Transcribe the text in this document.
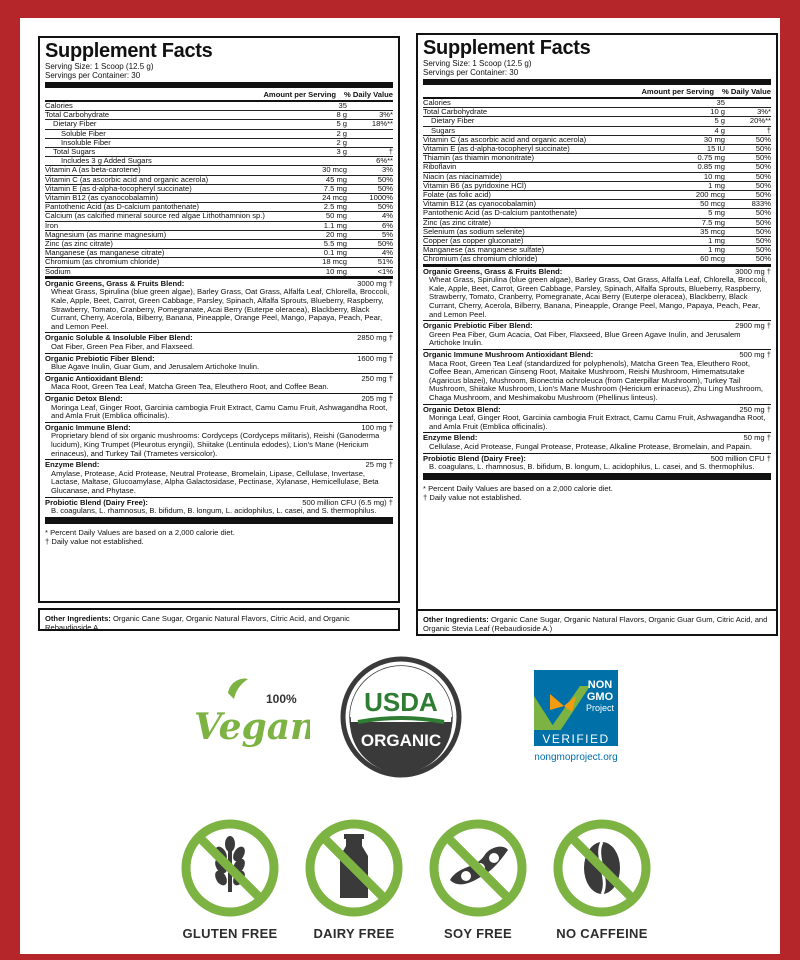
Supplement Facts
Serving Size: 1 Scoop (12.5 g)
Servings per Container: 30
Amount per Serving % Daily Value
Calories	35
Total Carbohydrate	8 g	3%*
Dietary Fiber	5 g	18%**
Soluble Fiber	2 g
Insoluble Fiber	2 g
Total Sugars	3 g	†
Includes 3 g Added Sugars	6%**
Vitamin A (as beta-carotene)	30 mcg	3%
Vitamin C (as ascorbic acid and organic acerola)	45 mg	50%
Vitamin E (as d-alpha-tocopheryl succinate)	7.5 mg	50%
Vitamin B12 (as cyanocobalamin)	24 mcg	1000%
Pantothenic Acid (as D-calcium pantothenate)	2.5 mg	50%
Calcium (as calcified mineral source red algae Lithothamnion sp.)	50 mg	4%
Iron	1.1 mg	6%
Magnesium (as marine magnesium)	20 mg	5%
Zinc (as zinc citrate)	5.5 mg	50%
Manganese (as manganese citrate)	0.1 mg	4%
Chromium (as chromium chloride)	18 mcg	51%
Sodium	10 mg	<1%
Organic Greens, Grass & Fruits Blend:	3000 mg †
Wheat Grass, Spirulina (blue green algae), Barley Grass, Oat Grass, Alfalfa Leaf, Chlorella, Broccoli, Kale, Apple, Beet, Carrot, Green Cabbage, Parsley, Spinach, Alfalfa Sprouts, Blueberry, Raspberry, Strawberry, Tomato, Cranberry, Pomegranate, Acai Berry (Euterpe oleracea), Blackberry, Black Currant, Cherry, Acerola, Bilberry, Banana, Pineapple, Orange Peel, Mango, Papaya, Peach, Pear, and Lemon Peel.
Organic Soluble & Insoluble Fiber Blend:	2850 mg †
Oat Fiber, Green Pea Fiber, and Flaxseed.
Organic Prebiotic Fiber Blend:	1600 mg †
Blue Agave Inulin, Guar Gum, and Jerusalem Artichoke Inulin.
Organic Antioxidant Blend:	250 mg †
Maca Root, Green Tea Leaf, Matcha Green Tea, Eleuthero Root, and Coffee Bean.
Organic Detox Blend:	205 mg †
Moringa Leaf, Ginger Root, Garcinia cambogia Fruit Extract, Camu Camu Fruit, Ashwagandha Root, and Amla Fruit (Emblica officinalis).
Organic Immune Blend:	100 mg †
Proprietary blend of six organic mushrooms: Cordyceps (Cordyceps militaris), Reishi (Ganoderma lucidum), King Trumpet (Pleurotus eryngii), Shiitake (Lentinula edodes), Lion's Mane (Hericium erinaceus), and Turkey Tail (Trametes versicolor).
Enzyme Blend:	25 mg †
Amylase, Protease, Acid Protease, Neutral Protease, Bromelain, Lipase, Cellulase, Invertase, Lactase, Maltase, Glucoamylase, Alpha Galactosidase, Pectinase, Xylanase, Hemicellulase, Beta Glucanase, and Phytase.
Probiotic Blend (Dairy Free):	500 million CFU (6.5 mg) †
B. coagulans, L. rhamnosus, B. bifidum, B. longum, L. acidophilus, L. casei, and S. thermophilus.
* Percent Daily Values are based on a 2,000 calorie diet.
† Daily value not established.
Other Ingredients: Organic Cane Sugar, Organic Natural Flavors, Citric Acid, and Organic Rebaudioside A.
Supplement Facts
Serving Size: 1 Scoop (12.5 g)
Servings per Container: 30
Amount per Serving % Daily Value
Calories	35
Total Carbohydrate	10 g	3%*
Dietary Fiber	5 g	20%**
Sugars	4 g	†
Vitamin C (as ascorbic acid and organic acerola)	30 mg	50%
Vitamin E (as d-alpha-tocopheryl succinate)	15 IU	50%
Thiamin (as thiamin mononitrate)	0.75 mg	50%
Riboflavin	0.85 mg	50%
Niacin (as niacinamide)	10 mg	50%
Vitamin B6 (as pyridoxine HCl)	1 mg	50%
Folate (as folic acid)	200 mcg	50%
Vitamin B12 (as cyanocobalamin)	50 mcg	833%
Pantothenic Acid (as D-calcium pantothenate)	5 mg	50%
Zinc (as zinc citrate)	7.5 mg	50%
Selenium (as sodium selenite)	35 mcg	50%
Copper (as copper gluconate)	1 mg	50%
Manganese (as manganese sulfate)	1 mg	50%
Chromium (as chromium chloride)	60 mcg	50%
Organic Greens, Grass & Fruits Blend:	3000 mg †
Wheat Grass, Spirulina (blue green algae), Barley Grass, Oat Grass, Alfalfa Leaf, Chlorella, Broccoli, Kale, Apple, Beet, Carrot, Green Cabbage, Parsley, Spinach, Alfalfa Sprouts, Blueberry, Raspberry, Strawberry, Tomato, Cranberry, Pomegranate, Acai Berry (Euterpe oleracea), Blackberry, Black Currant, Cherry, Acerola, Bilberry, Banana, Pineapple, Orange Peel, Mango, Papaya, Peach, Pear, and Lemon Peel.
Organic Prebiotic Fiber Blend:	2900 mg †
Green Pea Fiber, Gum Acacia, Oat Fiber, Flaxseed, Blue Green Agave Inulin, and Jerusalem Artichoke Inulin.
Organic Immune Mushroom Antioxidant Blend:	500 mg †
Maca Root, Green Tea Leaf (standardized for polyphenols), Matcha Green Tea, Eleuthero Root, Coffee Bean, American Ginseng Root, Maitake Mushroom, Reishi Mushroom, Himematsutake (Agaricus blazei), Mushroom, Bionectria ochroleuca (from Caterpillar Mushroom), Turkey Tail Mushroom, Shiitake Mushroom, Lion's Mane Mushroom (Hericium erinaceus), Zhu Ling Mushroom, Chaga Mushroom, and Meshimakobu Mushroom (Phellinus linteus).
Organic Detox Blend:	250 mg †
Moringa Leaf, Ginger Root, Garcinia cambogia Fruit Extract, Camu Camu Fruit, Ashwagandha Root, and Amla Fruit (Emblica officinalis).
Enzyme Blend:	50 mg †
Cellulase, Acid Protease, Fungal Protease, Protease, Alkaline Protease, Bromelain, and Papain.
Probiotic Blend (Dairy Free):	500 million CFU †
B. coagulans, L. rhamnosus, B. bifidum, B. longum, L. acidophilus, L. casei, and S. thermophilus.
* Percent Daily Values are based on a 2,000 calorie diet.
† Daily value not established.
Other Ingredients: Organic Cane Sugar, Organic Natural Flavors, Organic Guar Gum, Citric Acid, and Organic Stevia Leaf (Rebaudioside A.)
100%
Vegan
USDA
ORGANIC
NON
GMO
Project
VERIFIED
nongmoproject.org
GLUTEN FREE	DAIRY FREE	SOY FREE	NO CAFFEINE
